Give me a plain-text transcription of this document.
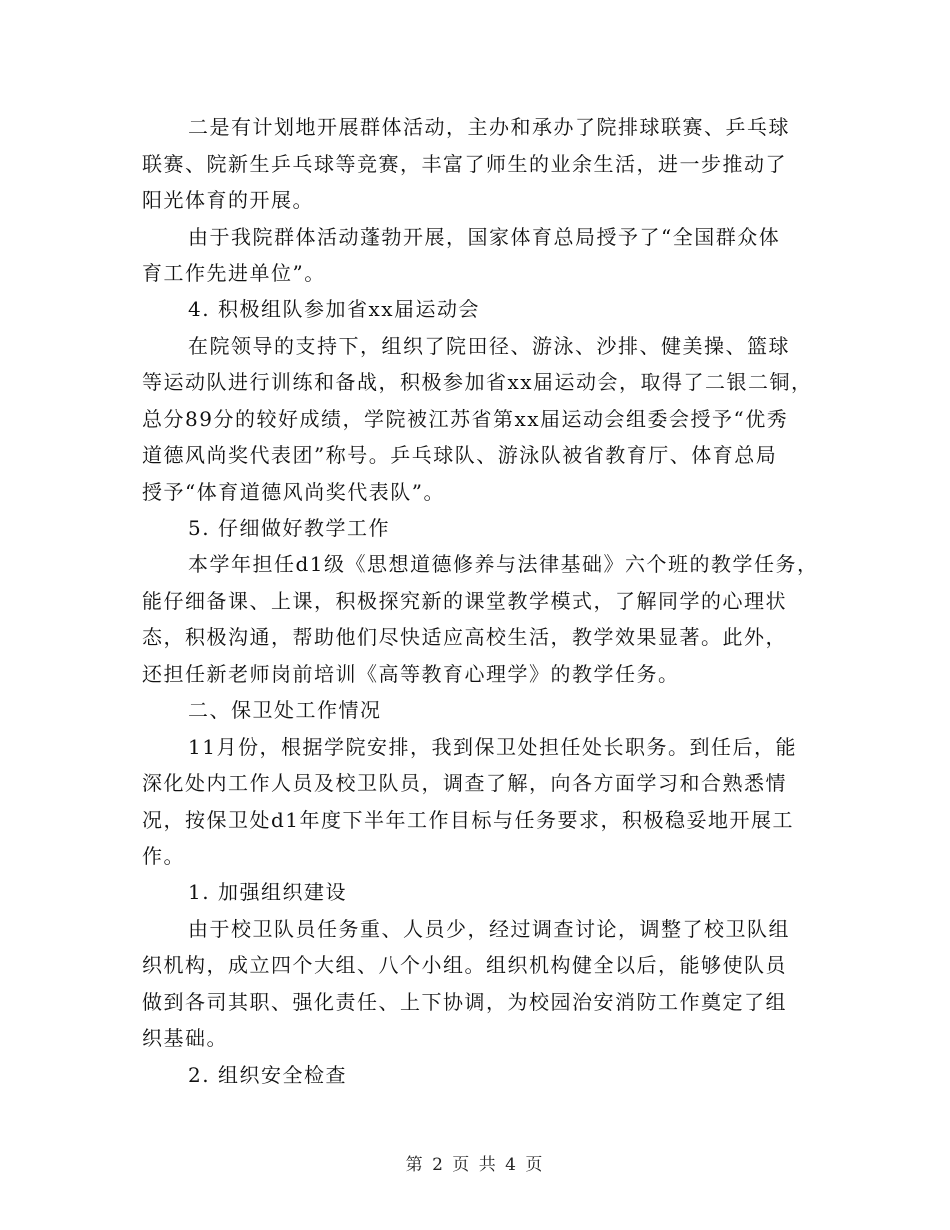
二是有计划地开展群体活动，主办和承办了院排球联赛、乒乓球
联赛、院新生乒乓球等竞赛，丰富了师生的业余生活，进一步推动了
阳光体育的开展。
由于我院群体活动蓬勃开展，国家体育总局授予了“全国群众体
育工作先进单位”。
4. 积极组队参加省xx届运动会
在院领导的支持下，组织了院田径、游泳、沙排、健美操、篮球
等运动队进行训练和备战，积极参加省xx届运动会，取得了二银二铜，
总分89分的较好成绩，学院被江苏省第xx届运动会组委会授予“优秀
道德风尚奖代表团”称号。乒乓球队、游泳队被省教育厅、体育总局
授予“体育道德风尚奖代表队”。
5. 仔细做好教学工作
本学年担任d1级《思想道德修养与法律基础》六个班的教学任务，
能仔细备课、上课，积极探究新的课堂教学模式，了解同学的心理状
态，积极沟通，帮助他们尽快适应高校生活，教学效果显著。此外，
还担任新老师岗前培训《高等教育心理学》的教学任务。
二、保卫处工作情况
11月份，根据学院安排，我到保卫处担任处长职务。到任后，能
深化处内工作人员及校卫队员，调查了解，向各方面学习和合熟悉情
况，按保卫处d1年度下半年工作目标与任务要求，积极稳妥地开展工
作。
1. 加强组织建设
由于校卫队员任务重、人员少，经过调查讨论，调整了校卫队组
织机构，成立四个大组、八个小组。组织机构健全以后，能够使队员
做到各司其职、强化责任、上下协调，为校园治安消防工作奠定了组
织基础。
2. 组织安全检查
第 2 页 共 4 页
